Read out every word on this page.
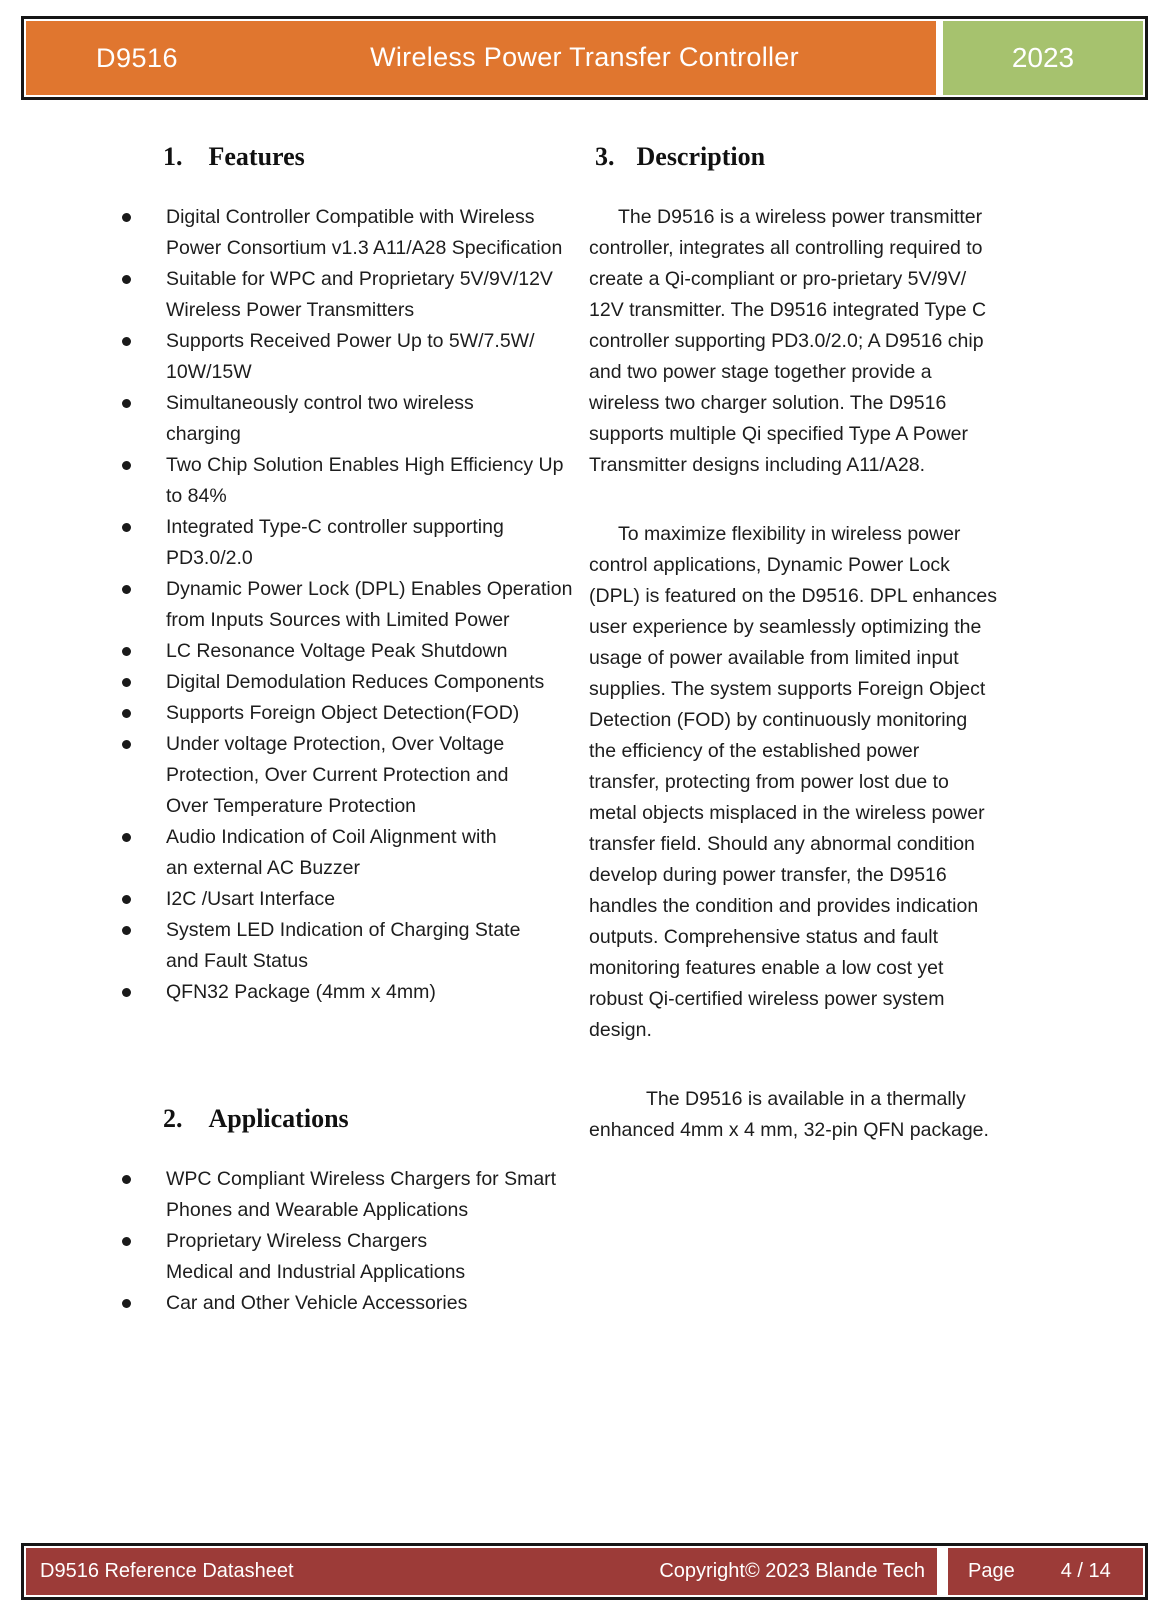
D9516	Wireless Power Transfer Controller	2023
1. Features
Digital Controller Compatible with Wireless
Power Consortium v1.3 A11/A28 Specification
Suitable for WPC and Proprietary 5V/9V/12V
Wireless Power Transmitters
Supports Received Power Up to 5W/7.5W/
10W/15W
Simultaneously control two wireless
charging
Two Chip Solution Enables High Efficiency Up
to 84%
Integrated Type-C controller supporting
PD3.0/2.0
Dynamic Power Lock (DPL) Enables Operation
from Inputs Sources with Limited Power
LC Resonance Voltage Peak Shutdown
Digital Demodulation Reduces Components
Supports Foreign Object Detection(FOD)
Under voltage Protection, Over Voltage
Protection, Over Current Protection and
Over Temperature Protection
Audio Indication of Coil Alignment with
an external AC Buzzer
I2C /Usart Interface
System LED Indication of Charging State
and Fault Status
QFN32 Package (4mm x 4mm)
2. Applications
WPC Compliant Wireless Chargers for Smart
Phones and Wearable Applications
Proprietary Wireless Chargers
Medical and Industrial Applications
Car and Other Vehicle Accessories
3. Description
The D9516 is a wireless power transmitter
controller, integrates all controlling required to
create a Qi-compliant or pro-prietary 5V/9V/
12V transmitter. The D9516 integrated Type C
controller supporting PD3.0/2.0; A D9516 chip
and two power stage together provide a
wireless two charger solution. The D9516
supports multiple Qi specified Type A Power
Transmitter designs including A11/A28.
To maximize flexibility in wireless power
control applications, Dynamic Power Lock
(DPL) is featured on the D9516. DPL enhances
user experience by seamlessly optimizing the
usage of power available from limited input
supplies. The system supports Foreign Object
Detection (FOD) by continuously monitoring
the efficiency of the established power
transfer, protecting from power lost due to
metal objects misplaced in the wireless power
transfer field. Should any abnormal condition
develop during power transfer, the D9516
handles the condition and provides indication
outputs. Comprehensive status and fault
monitoring features enable a low cost yet
robust Qi-certified wireless power system
design.
The D9516 is available in a thermally
enhanced 4mm x 4 mm, 32-pin QFN package.
D9516 Reference Datasheet	Copyright© 2023 Blande Tech Page 4 / 14
